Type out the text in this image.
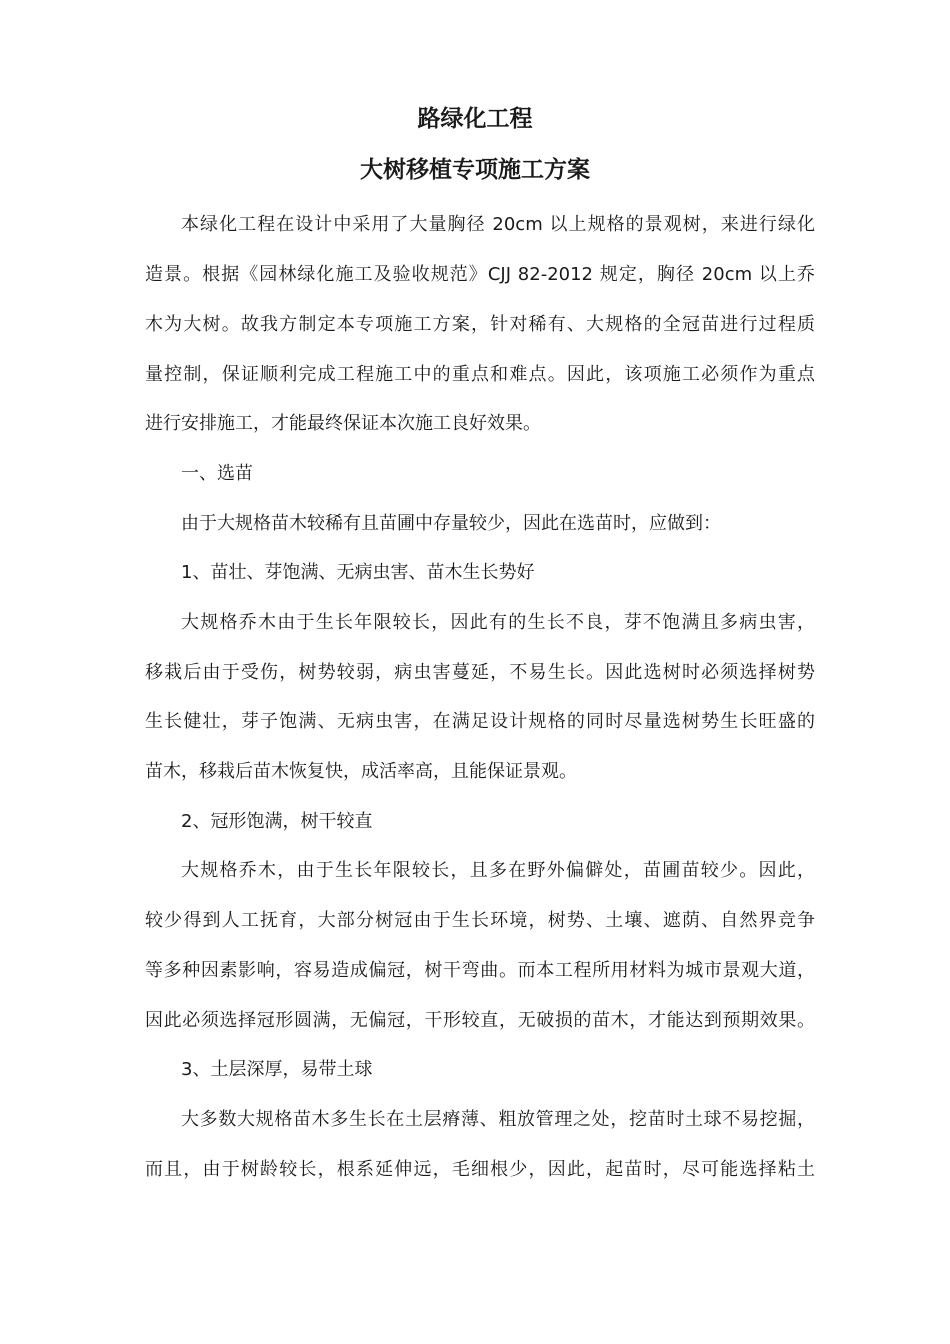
路绿化工程
大树移植专项施工方案
本绿化工程在设计中采用了大量胸径 20cm 以上规格的景观树，来进行绿化
造景。根据《园林绿化施工及验收规范》CJJ 82-2012 规定，胸径 20cm 以上乔
木为大树。故我方制定本专项施工方案，针对稀有、大规格的全冠苗进行过程质
量控制，保证顺利完成工程施工中的重点和难点。因此，该项施工必须作为重点
进行安排施工，才能最终保证本次施工良好效果。
一、选苗
由于大规格苗木较稀有且苗圃中存量较少，因此在选苗时，应做到：
1、苗壮、芽饱满、无病虫害、苗木生长势好
大规格乔木由于生长年限较长，因此有的生长不良，芽不饱满且多病虫害，
移栽后由于受伤，树势较弱，病虫害蔓延，不易生长。因此选树时必须选择树势
生长健壮，芽子饱满、无病虫害，在满足设计规格的同时尽量选树势生长旺盛的
苗木，移栽后苗木恢复快，成活率高，且能保证景观。
2、冠形饱满，树干较直
大规格乔木，由于生长年限较长，且多在野外偏僻处，苗圃苗较少。因此，
较少得到人工抚育，大部分树冠由于生长环境，树势、土壤、遮荫、自然界竞争
等多种因素影响，容易造成偏冠，树干弯曲。而本工程所用材料为城市景观大道，
因此必须选择冠形圆满，无偏冠，干形较直，无破损的苗木，才能达到预期效果。
3、土层深厚，易带土球
大多数大规格苗木多生长在土层瘠薄、粗放管理之处，挖苗时土球不易挖掘，
而且，由于树龄较长，根系延伸远，毛细根少，因此，起苗时，尽可能选择粘土
